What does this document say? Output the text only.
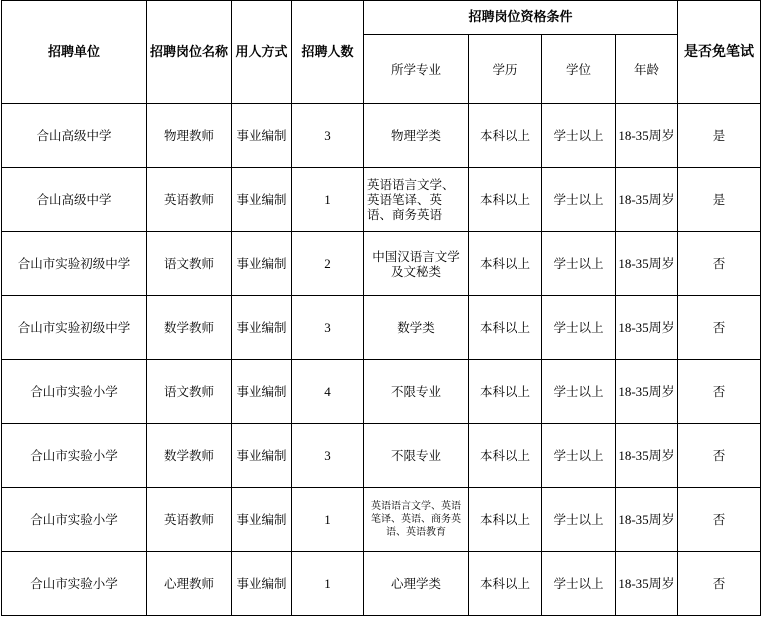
招聘单位	招聘岗位名称	用人方式	招聘人数	招聘岗位资格条件				是否免笔试
				所学专业	学历	学位	年龄	
合山高级中学	物理教师	事业编制	3	物理学类	本科以上	学士以上	18-35周岁	是
合山高级中学	英语教师	事业编制	1	英语语言文学、英语笔译、英语、商务英语	本科以上	学士以上	18-35周岁	是
合山市实验初级中学	语文教师	事业编制	2	中国汉语言文学及文秘类	本科以上	学士以上	18-35周岁	否
合山市实验初级中学	数学教师	事业编制	3	数学类	本科以上	学士以上	18-35周岁	否
合山市实验小学	语文教师	事业编制	4	不限专业	本科以上	学士以上	18-35周岁	否
合山市实验小学	数学教师	事业编制	3	不限专业	本科以上	学士以上	18-35周岁	否
合山市实验小学	英语教师	事业编制	1	英语语言文学、英语笔译、英语、商务英语、英语教育	本科以上	学士以上	18-35周岁	否
合山市实验小学	心理教师	事业编制	1	心理学类	本科以上	学士以上	18-35周岁	否
